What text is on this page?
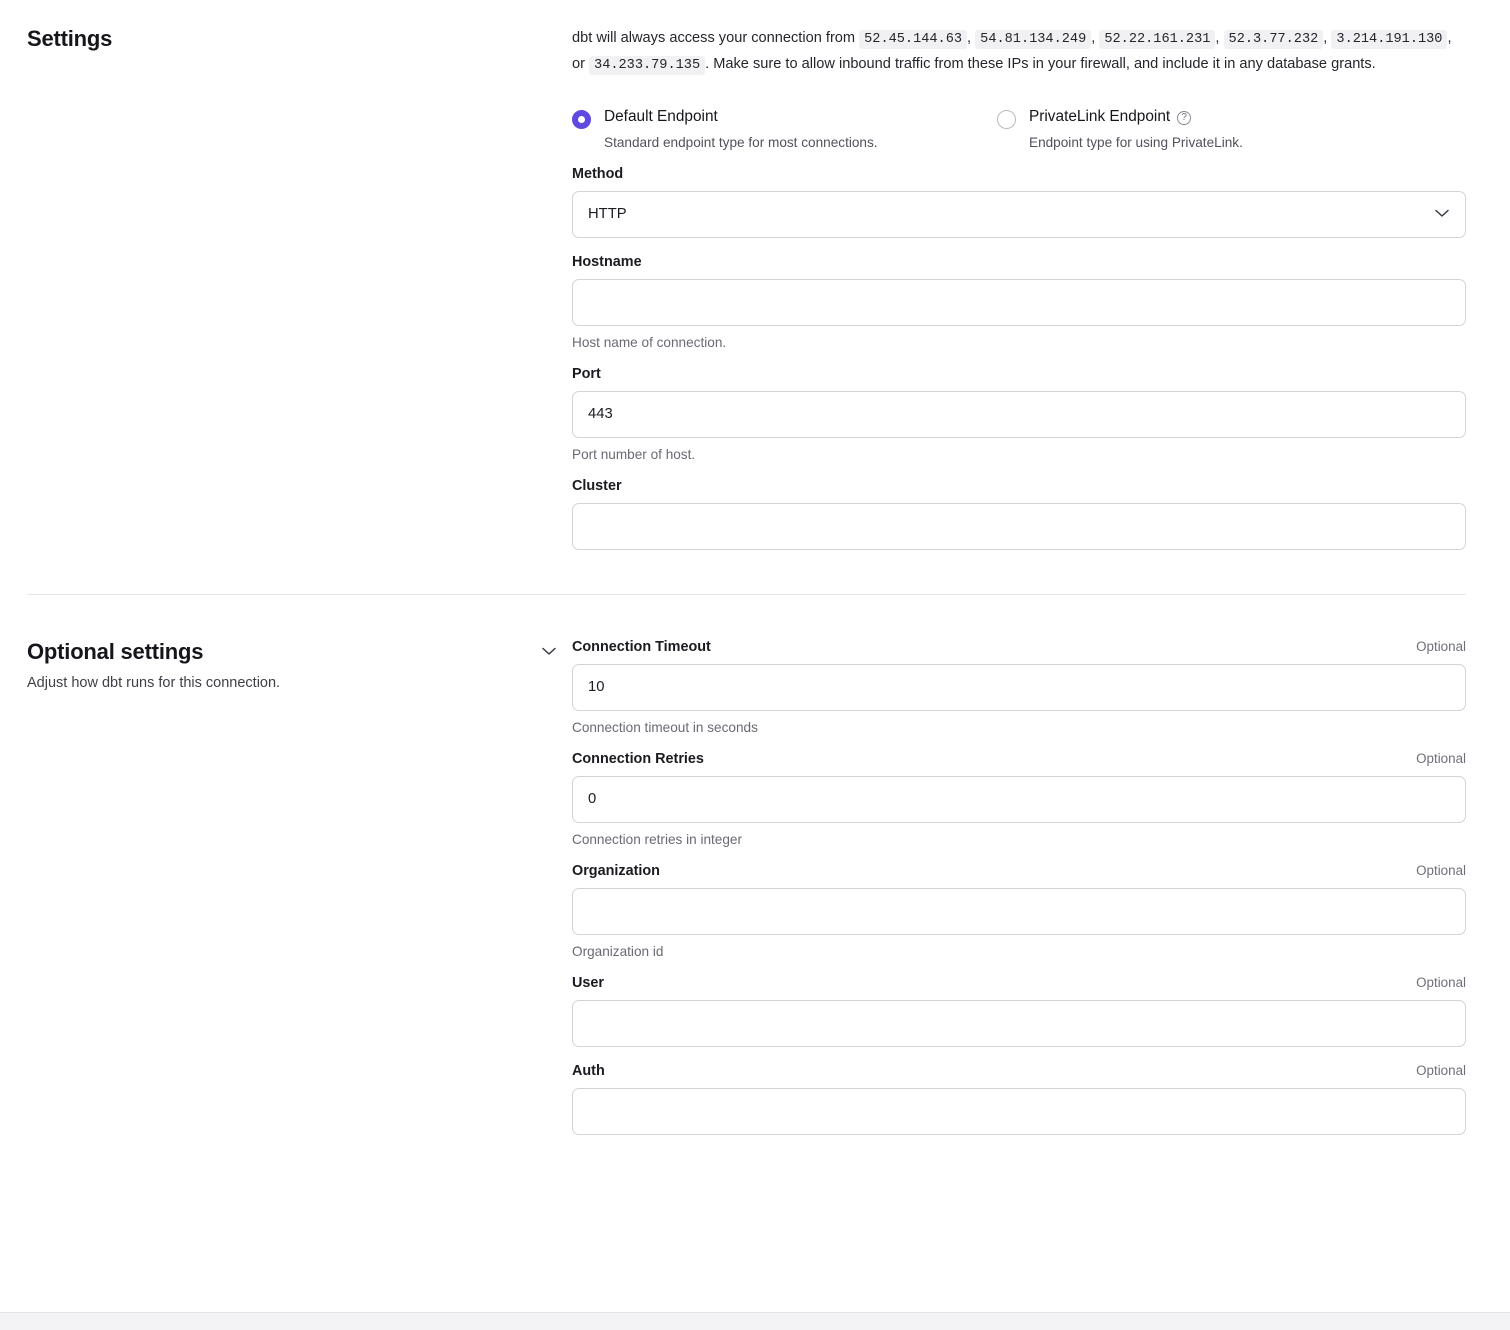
Settings	dbt will always access your connection from 52.45.144.63 , 54.81.134.249 , 52.22.161.231 , 52.3.77.232 , 3.214.191.130 , or 34.233.79.135 . Make sure to allow inbound traffic from these IPs in your firewall, and include it in any database grants.
Default Endpoint
Standard endpoint type for most connections.
PrivateLink Endpoint	?
Endpoint type for using PrivateLink.
Method
HTTP
Hostname
Host name of connection.
Port
443
Port number of host.
Cluster
Optional settings
Adjust how dbt runs for this connection.
Connection Timeout	Optional
10
Connection timeout in seconds
Connection Retries	Optional
0
Connection retries in integer
Organization	Optional
Organization id
User	Optional
Auth	Optional
